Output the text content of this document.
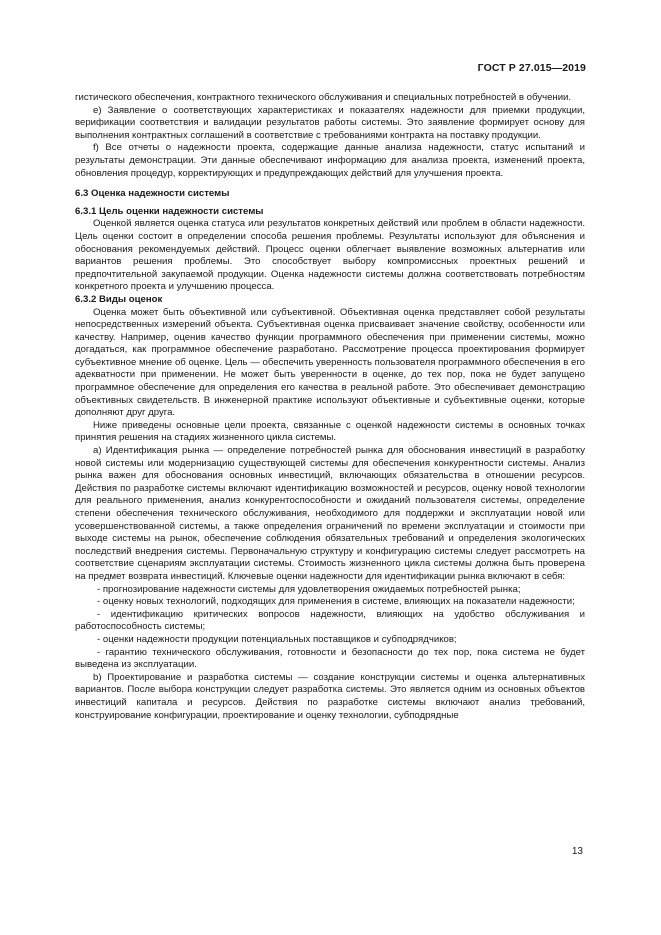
ГОСТ Р 27.015—2019

гистического обеспечения, контрактного технического обслуживания и специальных потребностей в обучении.

e) Заявление о соответствующих характеристиках и показателях надежности для приемки продукции, верификации соответствия и валидации результатов работы системы. Это заявление формирует основу для выполнения контрактных соглашений в соответствие с требованиями контракта на поставку продукции.

f) Все отчеты о надежности проекта, содержащие данные анализа надежности, статус испытаний и результаты демонстрации. Эти данные обеспечивают информацию для анализа проекта, изменений проекта, обновления процедур, корректирующих и предупреждающих действий для улучшения проекта.

6.3 Оценка надежности системы

6.3.1 Цель оценки надежности системы

Оценкой является оценка статуса или результатов конкретных действий или проблем в области надежности. Цель оценки состоит в определении способа решения проблемы. Результаты используют для объяснения и обоснования рекомендуемых действий. Процесс оценки облегчает выявление возможных альтернатив или вариантов решения проблемы. Это способствует выбору компромиссных проектных решений и предпочтительной закупаемой продукции. Оценка надежности системы должна соответствовать потребностям конкретного проекта и улучшению процесса.

6.3.2 Виды оценок

Оценка может быть объективной или субъективной. Объективная оценка представляет собой результаты непосредственных измерений объекта. Субъективная оценка присваивает значение свойству, особенности или качеству. Например, оценив качество функции программного обеспечения при применении системы, можно догадаться, как программное обеспечение разработано. Рассмотрение процесса проектирования формирует субъективное мнение об оценке. Цель — обеспечить уверенность пользователя программного обеспечения в его адекватности при применении. Не может быть уверенности в оценке, до тех пор, пока не будет запущено программное обеспечение для определения его качества в реальной работе. Это обеспечивает демонстрацию объективных свидетельств. В инженерной практике используют объективные и субъективные оценки, которые дополняют друг друга.

Ниже приведены основные цели проекта, связанные с оценкой надежности системы в основных точках принятия решения на стадиях жизненного цикла системы.

a) Идентификация рынка — определение потребностей рынка для обоснования инвестиций в разработку новой системы или модернизацию существующей системы для обеспечения конкурентности системы. Анализ рынка важен для обоснования основных инвестиций, включающих обязательства в отношении ресурсов. Действия по разработке системы включают идентификацию возможностей и ресурсов, оценку новой технологии для реального применения, анализ конкурентоспособности и ожиданий пользователя системы, определение степени обеспечения технического обслуживания, необходимого для поддержки и эксплуатации новой или усовершенствованной системы, а также определения ограничений по времени эксплуатации и стоимости при выходе системы на рынок, обеспечение соблюдения обязательных требований и определения экологических последствий внедрения системы. Первоначальную структуру и конфигурацию системы следует рассмотреть на соответствие сценариям эксплуатации системы. Стоимость жизненного цикла системы должна быть проверена на предмет возврата инвестиций. Ключевые оценки надежности для идентификации рынка включают в себя:

- прогнозирование надежности системы для удовлетворения ожидаемых потребностей рынка;

- оценку новых технологий, подходящих для применения в системе, влияющих на показатели надежности;

- идентификацию критических вопросов надежности, влияющих на удобство обслуживания и работоспособность системы;

- оценки надежности продукции потенциальных поставщиков и субподрядчиков;

- гарантию технического обслуживания, готовности и безопасности до тех пор, пока система не будет выведена из эксплуатации.

b) Проектирование и разработка системы — создание конструкции системы и оценка альтернативных вариантов. После выбора конструкции следует разработка системы. Это является одним из основных объектов инвестиций капитала и ресурсов. Действия по разработке системы включают анализ требований, конструирование конфигурации, проектирование и оценку технологии, субподрядные

13
